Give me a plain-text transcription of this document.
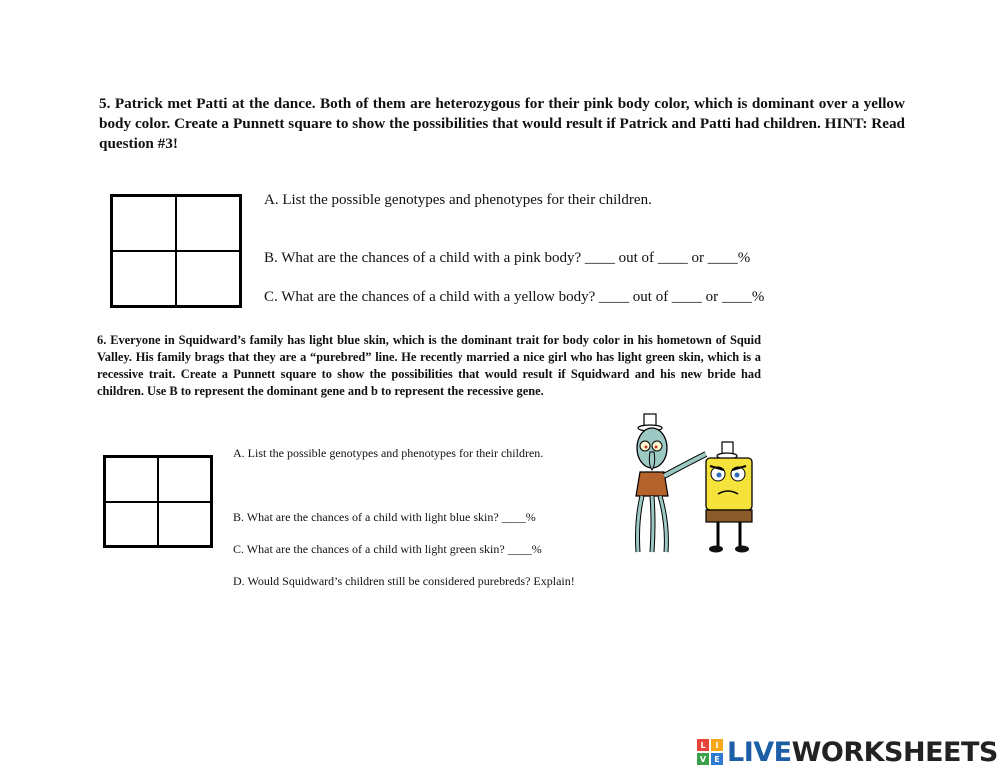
5. Patrick met Patti at the dance. Both of them are heterozygous for their pink body color, which is dominant over a yellow body color. Create a Punnett square to show the possibilities that would result if Patrick and Patti had children. HINT: Read question #3!
A. List the possible genotypes and phenotypes for their children.
B. What are the chances of a child with a pink body? ____ out of ____ or ____%
C. What are the chances of a child with a yellow body? ____ out of ____ or ____%
6. Everyone in Squidward’s family has light blue skin, which is the dominant trait for body color in his hometown of Squid Valley. His family brags that they are a “purebred” line. He recently married a nice girl who has light green skin, which is a recessive trait. Create a Punnett square to show the possibilities that would result if Squidward and his new bride had children. Use B to represent the dominant gene and b to represent the recessive gene.
A. List the possible genotypes and phenotypes for their children.
B. What are the chances of a child with light blue skin? ____%
C. What are the chances of a child with light green skin? ____%
D. Would Squidward’s children still be considered purebreds? Explain!
L	I
V	E LIVEWORKSHEETS
